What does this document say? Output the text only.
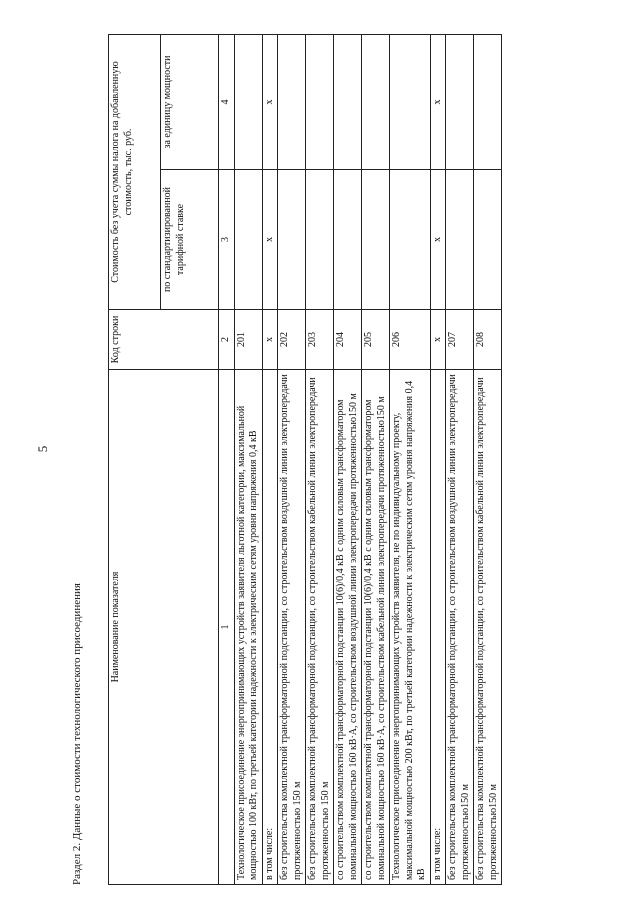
5
Раздел 2. Данные о стоимости технологического присоединения	Наименование показателя	Код строки	Стоимость без учета суммы налога на добавленную стоимость, тыс. руб.	
		по стандартизированной тарифной ставке	за единицу мощности
1	2	3	4
Технологическое присоединение энергопринимающих устройств заявителя льготной категории, максимальной мощностью 100 кВт, по третьей категории надежности к электрическим сетям уровня напряжения 0,4 кВ	201		
в том числе:	x	x	x
без строительства комплектной трансформаторной подстанции, со строительством воздушной линии электропередачи протяженностью 150 м	202		
без строительства комплектной трансформаторной подстанции, со строительством кабельной линии электропередачи протяженностью 150 м	203		
со строительством комплектной трансформаторной подстанции 10(6)/0,4 кВ с одним силовым трансформатором номинальной мощностью 160 кВ·А, со строительством воздушной линии электропередачи протяженностью150 м	204		
со строительством комплектной трансформаторной подстанции 10(6)/0,4 кВ с одним силовым трансформатором номинальной мощностью 160 кВ·А, со строительством кабельной линии электропередачи протяженностью150 м	205		
Технологическое присоединение энергопринимающих устройств заявителя, не по индивидуальному проекту, максимальной мощностью 200 кВт, по третьей категории надежности к электрическим сетям уровня напряжения 0,4 кВ	206		
в том числе:	x	x	x
без строительства комплектной трансформаторной подстанции, со строительством воздушной линии электропередачи протяженностью150 м	207		
без строительства комплектной трансформаторной подстанции, со строительством кабельной линии электропередачи протяженностью150 м	208		
